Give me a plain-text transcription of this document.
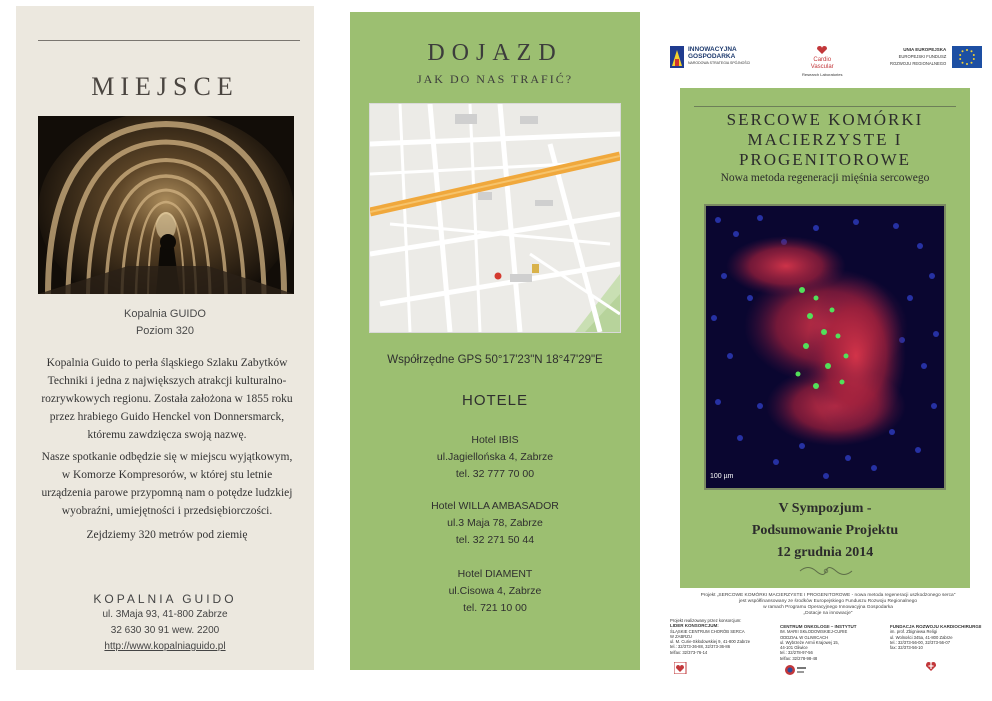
MIEJSCE
Kopalnia GUIDO
Poziom 320
Kopalnia Guido to perła śląskiego Szlaku Zabytków Techniki i jedna z największych atrakcji kulturalno-rozrywkowych regionu. Została założona w 1855 roku przez hrabiego Guido Henckel von Donnersmarck, któremu zawdzięcza swoją nazwę.
Nasze spotkanie odbędzie się w miejscu wyjątkowym, w Komorze Kompresorów, w której stu letnie urządzenia parowe przypomną nam o potędze ludzkiej wyobraźni, umiejętności i przedsiębiorczości.
Zejdziemy 320 metrów pod ziemię
KOPALNIA GUIDO
ul. 3Maja 93, 41-800 Zabrze
32 630 30 91 wew. 2200
http://www.kopalniaguido.pl
DOJAZD
JAK DO NAS TRAFIĆ?
Współrzędne GPS 50°17'23"N 18°47'29"E
HOTELE
Hotel IBIS
ul.Jagiellońska 4, Zabrze
tel. 32 777 70 00
Hotel WILLA AMBASADOR
ul.3 Maja 78, Zabrze
tel. 32 271 50 44
Hotel DIAMENT
ul.Cisowa 4, Zabrze
tel. 721 10 00
INNOWACYJNA
GOSPODARKA
NARODOWA STRATEGIA SPÓJNOŚCI	Cardio
Vascular
Research Laboratories
UNIA EUROPEJSKA
EUROPEJSKI FUNDUSZ
ROZWOJU REGIONALNEGO

SERCOWE KOMÓRKI
MACIERZYSTE I
PROGENITOROWE
Nowa metoda regeneracji mięśnia sercowego
100 µm
V Sympozjum -
Podsumowanie Projektu
12 grudnia 2014
Projekt „SERCOWE KOMÓRKI MACIERZYSTE I PROGENITOROWE - nowa metoda regeneracji uszkodzonego serca"
jest współfinansowany ze środków Europejskiego Funduszu Rozwoju Regionalnego
w ramach Programu Operacyjnego Innowacyjna Gospodarka
„Dotacje na innowacje"
Projekt realizowany przez konsorcjum:
LIDER KONSORCJUM:
ŚLĄSKIE CENTRUM CHORÓB SERCA
W ZABRZU
ul. M. Curie-Skłodowskiej 9, 41-800 Zabrze
tel.: 32/373-36-88, 32/373-36-86
telfax: 32/373-76-14
CENTRUM ONKOLOGII – INSTYTUT
IM. MARII SKŁODOWSKIEJ-CURIE
ODDZIAŁ W GLIWICACH
ul. Wybrzeże Armii Krajowej 15,
44-101 Gliwice
tel.: 32/278-97-56
telfax: 32/278-98-48
FUNDACJA ROZWOJU KARDIOCHIRURGII
im. prof. Zbigniewa Religi
ul. Wolności 345a, 41-800 Zabrze
tel.: 32/373-56-00, 32/373-56-07
fax: 32/373-56-10
